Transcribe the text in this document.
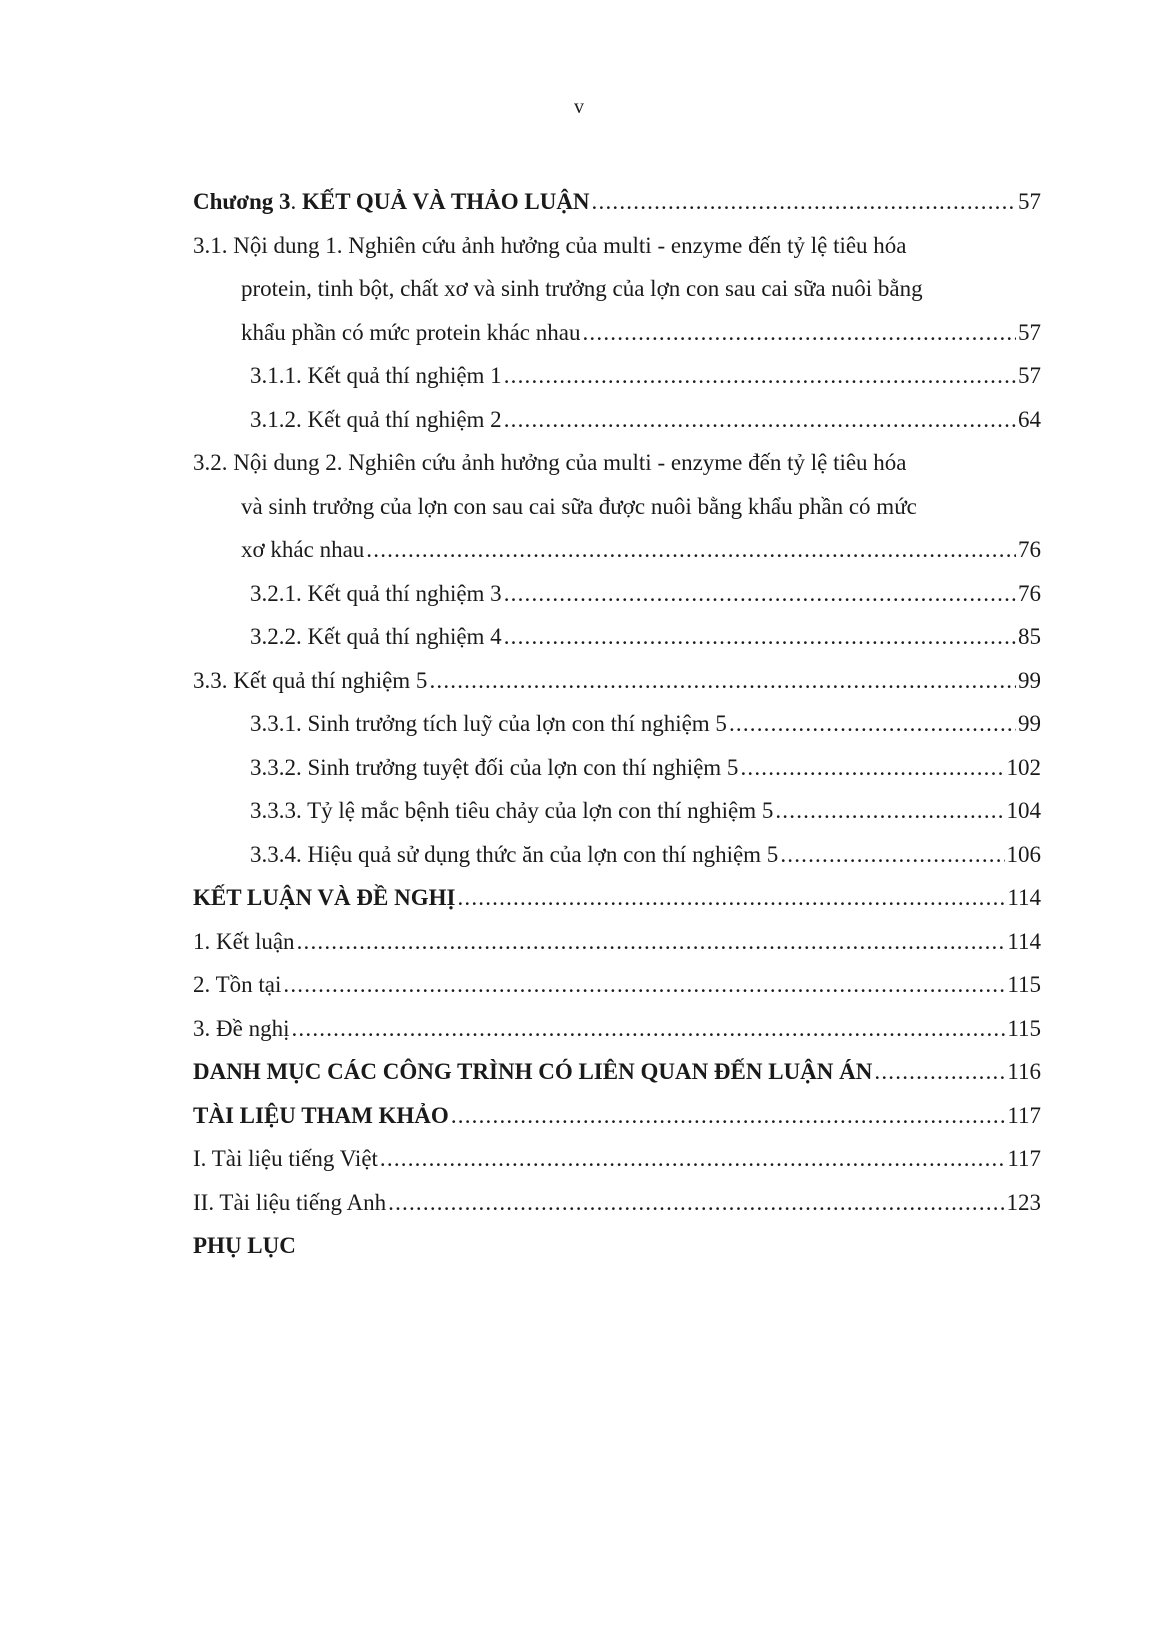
v
Chương 3. KẾT QUẢ VÀ THẢO LUẬN .....	57
3.1. Nội dung 1. Nghiên cứu ảnh hưởng của multi - enzyme đến tỷ lệ tiêu hóa
protein, tinh bột, chất xơ và sinh trưởng của lợn con sau cai sữa nuôi bằng
khẩu phần có mức protein khác nhau .....	57
3.1.1. Kết quả thí nghiệm 1 .....	57
3.1.2. Kết quả thí nghiệm 2 .....	64
3.2. Nội dung 2. Nghiên cứu ảnh hưởng của multi - enzyme đến tỷ lệ tiêu hóa
và sinh trưởng của lợn con sau cai sữa được nuôi bằng khẩu phần có mức
xơ khác nhau .....	76
3.2.1. Kết quả thí nghiệm 3 .....	76
3.2.2. Kết quả thí nghiệm 4 .....	85
3.3. Kết quả thí nghiệm 5 .....	99
3.3.1. Sinh trưởng tích luỹ của lợn con thí nghiệm 5 .....	99
3.3.2. Sinh trưởng tuyệt đối của lợn con thí nghiệm 5 .....	102
3.3.3. Tỷ lệ mắc bệnh tiêu chảy của lợn con thí nghiệm 5 .....	104
3.3.4. Hiệu quả sử dụng thức ăn của lợn con thí nghiệm 5 .....	106
KẾT LUẬN VÀ ĐỀ NGHỊ .....	114
1. Kết luận .....	114
2. Tồn tại .....	115
3. Đề nghị .....	115
DANH MỤC CÁC CÔNG TRÌNH CÓ LIÊN QUAN ĐẾN LUẬN ÁN .....	116
TÀI LIỆU THAM KHẢO .....	117
I. Tài liệu tiếng Việt .....	117
II. Tài liệu tiếng Anh .....	123
PHỤ LỤC
